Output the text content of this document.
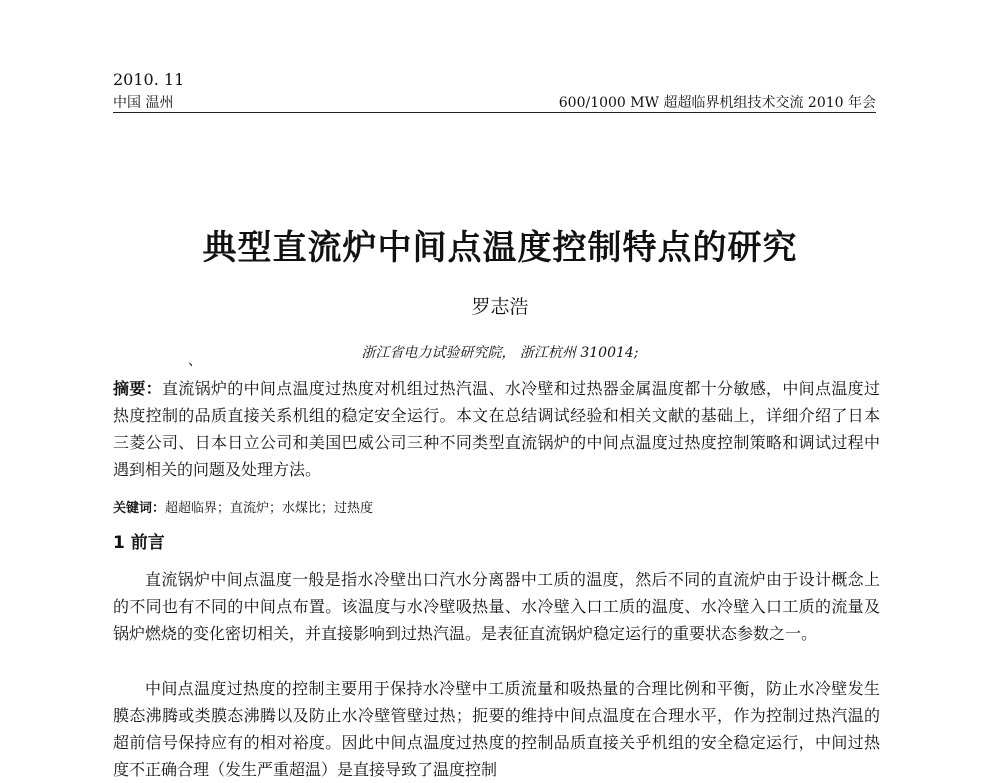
2010. 11
中国 温州	600/1000 MW 超超临界机组技术交流 2010 年会
典型直流炉中间点温度控制特点的研究
罗志浩
、	浙江省电力试验研究院， 浙江杭州 310014;
摘要：直流锅炉的中间点温度过热度对机组过热汽温、水冷壁和过热器金属温度都十分敏感，中间点温度过热度控制的品质直接关系机组的稳定安全运行。本文在总结调试经验和相关文献的基础上，详细介绍了日本三菱公司、日本日立公司和美国巴威公司三种不同类型直流锅炉的中间点温度过热度控制策略和调试过程中遇到相关的问题及处理方法。
关键词：超超临界；直流炉；水煤比；过热度
1 前言
直流锅炉中间点温度一般是指水冷壁出口汽水分离器中工质的温度，然后不同的直流炉由于设计概念上的不同也有不同的中间点布置。该温度与水冷壁吸热量、水冷壁入口工质的温度、水冷壁入口工质的流量及锅炉燃烧的变化密切相关，并直接影响到过热汽温。是表征直流锅炉稳定运行的重要状态参数之一。
中间点温度过热度的控制主要用于保持水冷壁中工质流量和吸热量的合理比例和平衡，防止水冷壁发生膜态沸腾或类膜态沸腾以及防止水冷壁管壁过热；扼要的维持中间点温度在合理水平，作为控制过热汽温的超前信号保持应有的相对裕度。因此中间点温度过热度的控制品质直接关乎机组的安全稳定运行，中间过热度不正确合理（发生严重超温）是直接导致了温度控制
